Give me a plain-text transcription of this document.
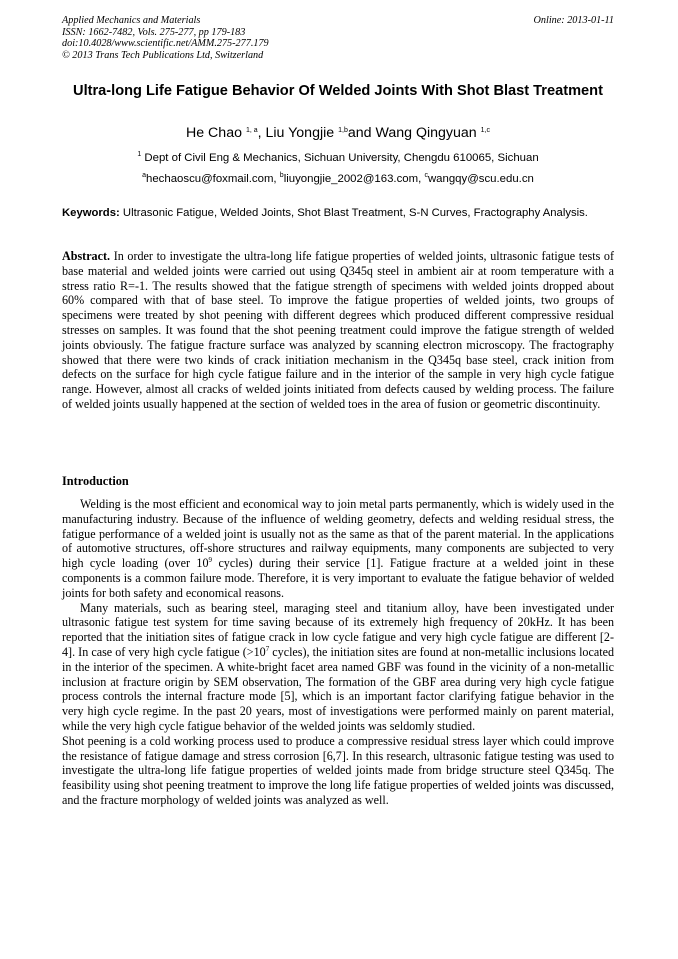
Applied Mechanics and Materials
ISSN: 1662-7482, Vols. 275-277, pp 179-183
doi:10.4028/www.scientific.net/AMM.275-277.179
© 2013 Trans Tech Publications Ltd, Switzerland
Online: 2013-01-11
Ultra-long Life Fatigue Behavior Of Welded Joints With Shot Blast Treatment
He Chao $^{1, a}$, Liu Yongjie $^{1,b}$and Wang Qingyuan $^{1,c}$
$^1$ Dept of Civil Eng & Mechanics, Sichuan University, Chengdu 610065, Sichuan
$^a$hechaoscu@foxmail.com, $^b$liuyongjie_2002@163.com, $^c$wangqy@scu.edu.cn
Keywords: Ultrasonic Fatigue, Welded Joints, Shot Blast Treatment, S-N Curves, Fractography Analysis.
Abstract. In order to investigate the ultra-long life fatigue properties of welded joints, ultrasonic fatigue tests of base material and welded joints were carried out using Q345q steel in ambient air at room temperature with a stress ratio R=-1. The results showed that the fatigue strength of specimens with welded joints dropped about 60% compared with that of base steel. To improve the fatigue properties of welded joints, two groups of specimens were treated by shot peening with different degrees which produced different compressive residual stresses on samples. It was found that the shot peening treatment could improve the fatigue strength of welded joints obviously. The fatigue fracture surface was analyzed by scanning electron microscopy. The fractography showed that there were two kinds of crack initiation mechanism in the Q345q base steel, crack inition from defects on the surface for high cycle fatigue failure and in the interior of the sample in very high cycle fatigue range. However, almost all cracks of welded joints initiated from defects caused by welding process. The failure of welded joints usually happened at the section of welded toes in the area of fusion or geometric discontinuity.
Introduction

Welding is the most efficient and economical way to join metal parts permanently, which is widely used in the manufacturing industry. Because of the influence of welding geometry, defects and welding residual stress, the fatigue performance of a welded joint is usually not as the same as that of the parent material. In the applications of automotive structures, off-shore structures and railway equipments, many components are subjected to very high cycle loading (over $10^9$ cycles) during their service [1]. Fatigue fracture at a welded joint in these components is a common failure mode. Therefore, it is very important to evaluate the fatigue behavior of welded joints for both safety and economical reasons.

Many materials, such as bearing steel, maraging steel and titanium alloy, have been investigated under ultrasonic fatigue test system for time saving because of its extremely high frequency of 20kHz. It has been reported that the initiation sites of fatigue crack in low cycle fatigue and very high cycle fatigue are different [2-4]. In case of very high cycle fatigue ($>10^7$ cycles), the initiation sites are found at non-metallic inclusions located in the interior of the specimen. A white-bright facet area named GBF was found in the vicinity of a non-metallic inclusion at fracture origin by SEM observation, The formation of the GBF area during very high cycle fatigue process controls the internal fracture mode [5], which is an important factor clarifying fatigue behavior in the very high cycle regime. In the past 20 years, most of investigations were performed mainly on parent material, while the very high cycle fatigue behavior of the welded joints was seldomly studied.

Shot peening is a cold working process used to produce a compressive residual stress layer which could improve the resistance of fatigue damage and stress corrosion [6,7]. In this research, ultrasonic fatigue testing was used to investigate the ultra-long life fatigue properties of welded joints made from bridge structure steel Q345q. The feasibility using shot peening treatment to improve the long life fatigue properties of welded joints was discussed, and the fracture morphology of welded joints was analyzed as well.
